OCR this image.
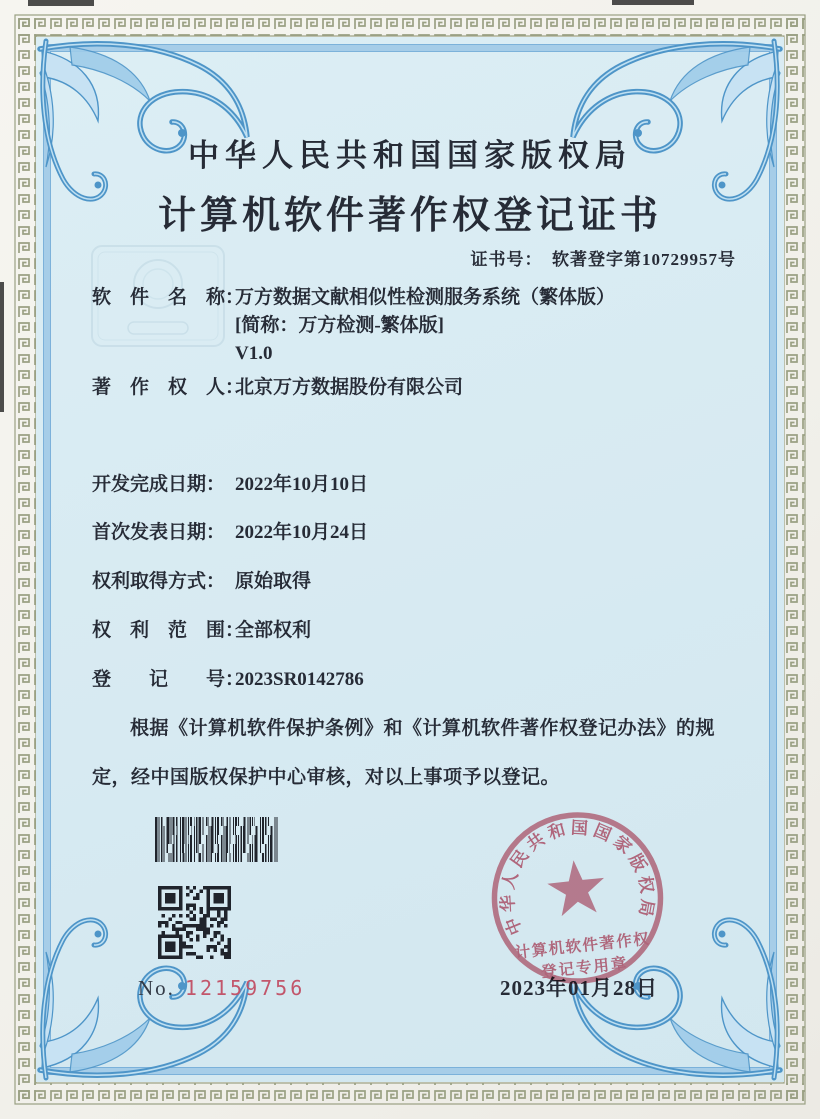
中华人民共和国国家版权局
计算机软件著作权登记证书
证书号：　软著登字第10729957号
软　件　名　称：
万方数据文献相似性检测服务系统（繁体版）
[简称：万方检测-繁体版]
V1.0
著　作　权　人：
北京万方数据股份有限公司
开发完成日期： 2022年10月10日
首次发表日期： 2022年10月24日
权利取得方式： 原始取得
权　利　范　围：
全部权利
登　　记　　号：
2023SR0142786
根据《计算机软件保护条例》和《计算机软件著作权登记办法》的规定，经中国版权保护中心审核，对以上事项予以登记。
No. 12159756	2023年01月28日
中华人民共和国国家版权局
计算机软件著作权
登记专用章
